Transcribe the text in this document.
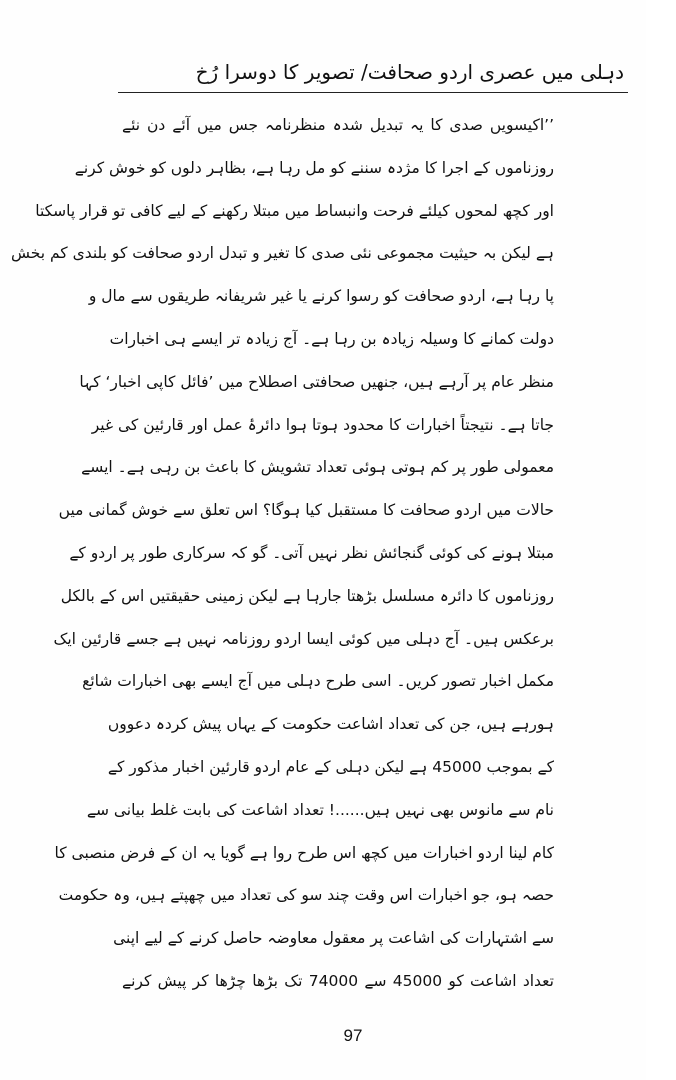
دہلی میں عصری اردو صحافت/ تصویر کا دوسرا رُخ
’’اکیسویں صدی کا یہ تبدیل شدہ منظرنامہ جس میں آئے دن نئے
روزناموں کے اجرا کا مژدہ سننے کو مل رہا ہے، بظاہر دلوں کو خوش کرنے
اور کچھ لمحوں کیلئے فرحت وانبساط میں مبتلا رکھنے کے لیے کافی تو قرار پاسکتا
ہے لیکن بہ حیثیت مجموعی نئی صدی کا تغیر و تبدل اردو صحافت کو بلندی کم بخش
پا رہا ہے، اردو صحافت کو رسوا کرنے یا غیر شریفانہ طریقوں سے مال و
دولت کمانے کا وسیلہ زیادہ بن رہا ہے۔ آج زیادہ تر ایسے ہی اخبارات
منظر عام پر آرہے ہیں، جنھیں صحافتی اصطلاح میں ’فائل کاپی اخبار‘ کہا
جاتا ہے۔ نتیجتاً اخبارات کا محدود ہوتا ہوا دائرۂ عمل اور قارئین کی غیر
معمولی طور پر کم ہوتی ہوئی تعداد تشویش کا باعث بن رہی ہے۔ ایسے
حالات میں اردو صحافت کا مستقبل کیا ہوگا؟ اس تعلق سے خوش گمانی میں
مبتلا ہونے کی کوئی گنجائش نظر نہیں آتی۔ گو کہ سرکاری طور پر اردو کے
روزناموں کا دائرہ مسلسل بڑھتا جارہا ہے لیکن زمینی حقیقتیں اس کے بالکل
برعکس ہیں۔ آج دہلی میں کوئی ایسا اردو روزنامہ نہیں ہے جسے قارئین ایک
مکمل اخبار تصور کریں۔ اسی طرح دہلی میں آج ایسے بھی اخبارات شائع
ہورہے ہیں، جن کی تعداد اشاعت حکومت کے یہاں پیش کردہ دعووں
کے بموجب 45000 ہے لیکن دہلی کے عام اردو قارئین اخبار مذکور کے
نام سے مانوس بھی نہیں ہیں......! تعداد اشاعت کی بابت غلط بیانی سے
کام لینا اردو اخبارات میں کچھ اس طرح روا ہے گویا یہ ان کے فرض منصبی کا
حصہ ہو، جو اخبارات اس وقت چند سو کی تعداد میں چھپتے ہیں، وہ حکومت
سے اشتہارات کی اشاعت پر معقول معاوضہ حاصل کرنے کے لیے اپنی
تعداد اشاعت کو 45000 سے 74000 تک بڑھا چڑھا کر پیش کرنے
97
